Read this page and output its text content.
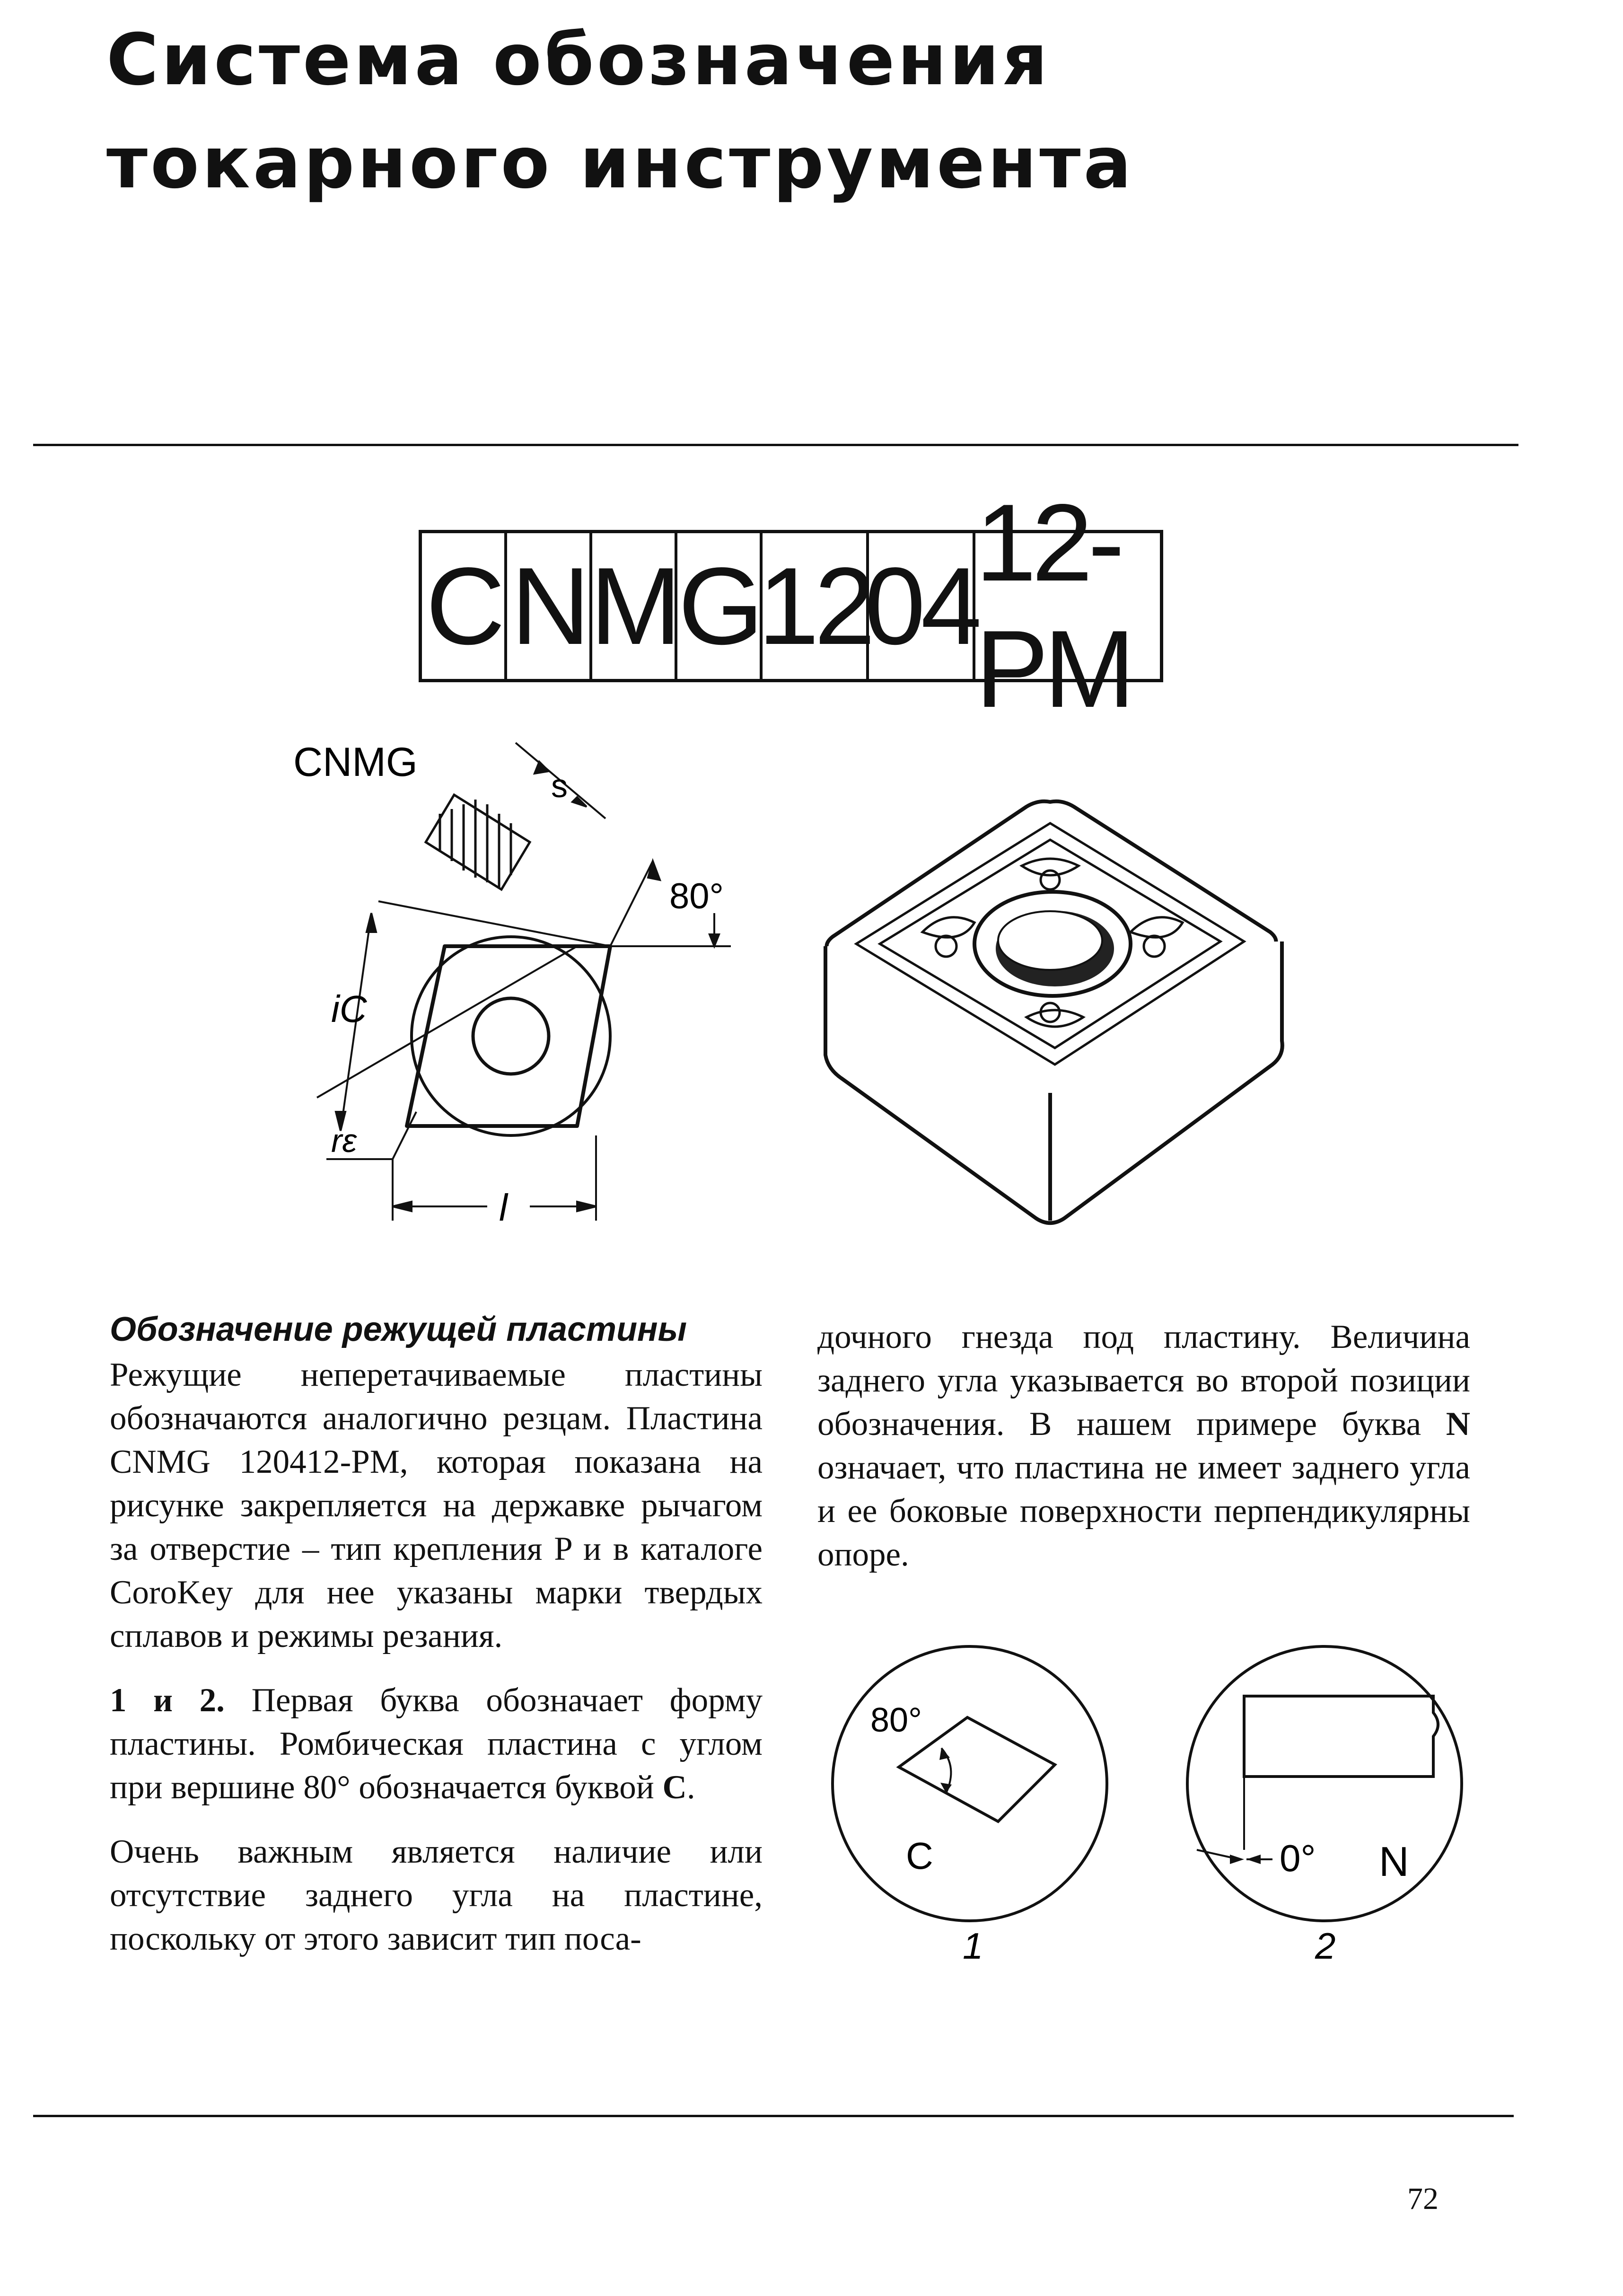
Система обозначения
токарного инструмента
C N M G
12
04
12-PM
CNMG
s
80°
iC
rε
l

Обозначение режущей пластины

Режущие неперетачиваемые пластины обозначаются аналогично резцам. Пластина CNMG 120412-PM, которая показана на рисунке закрепляется на державке рычагом за отверстие – тип крепления P и в каталоге CoroKey для нее указаны марки твердых сплавов и режимы резания.

1 и 2. Первая буква обозначает форму пластины. Ромбическая пластина с углом при вершине 80° обозначается буквой C.

Очень важным является наличие или отсутствие заднего угла на пластине, поскольку от этого зависит тип поса-

дочного гнезда под пластину. Величина заднего угла указывается во второй позиции обозначения. В нашем примере буква N означает, что пластина не имеет заднего угла и ее боковые поверхности перпендикулярны опоре.

80°
C
1
0° N
2
72
